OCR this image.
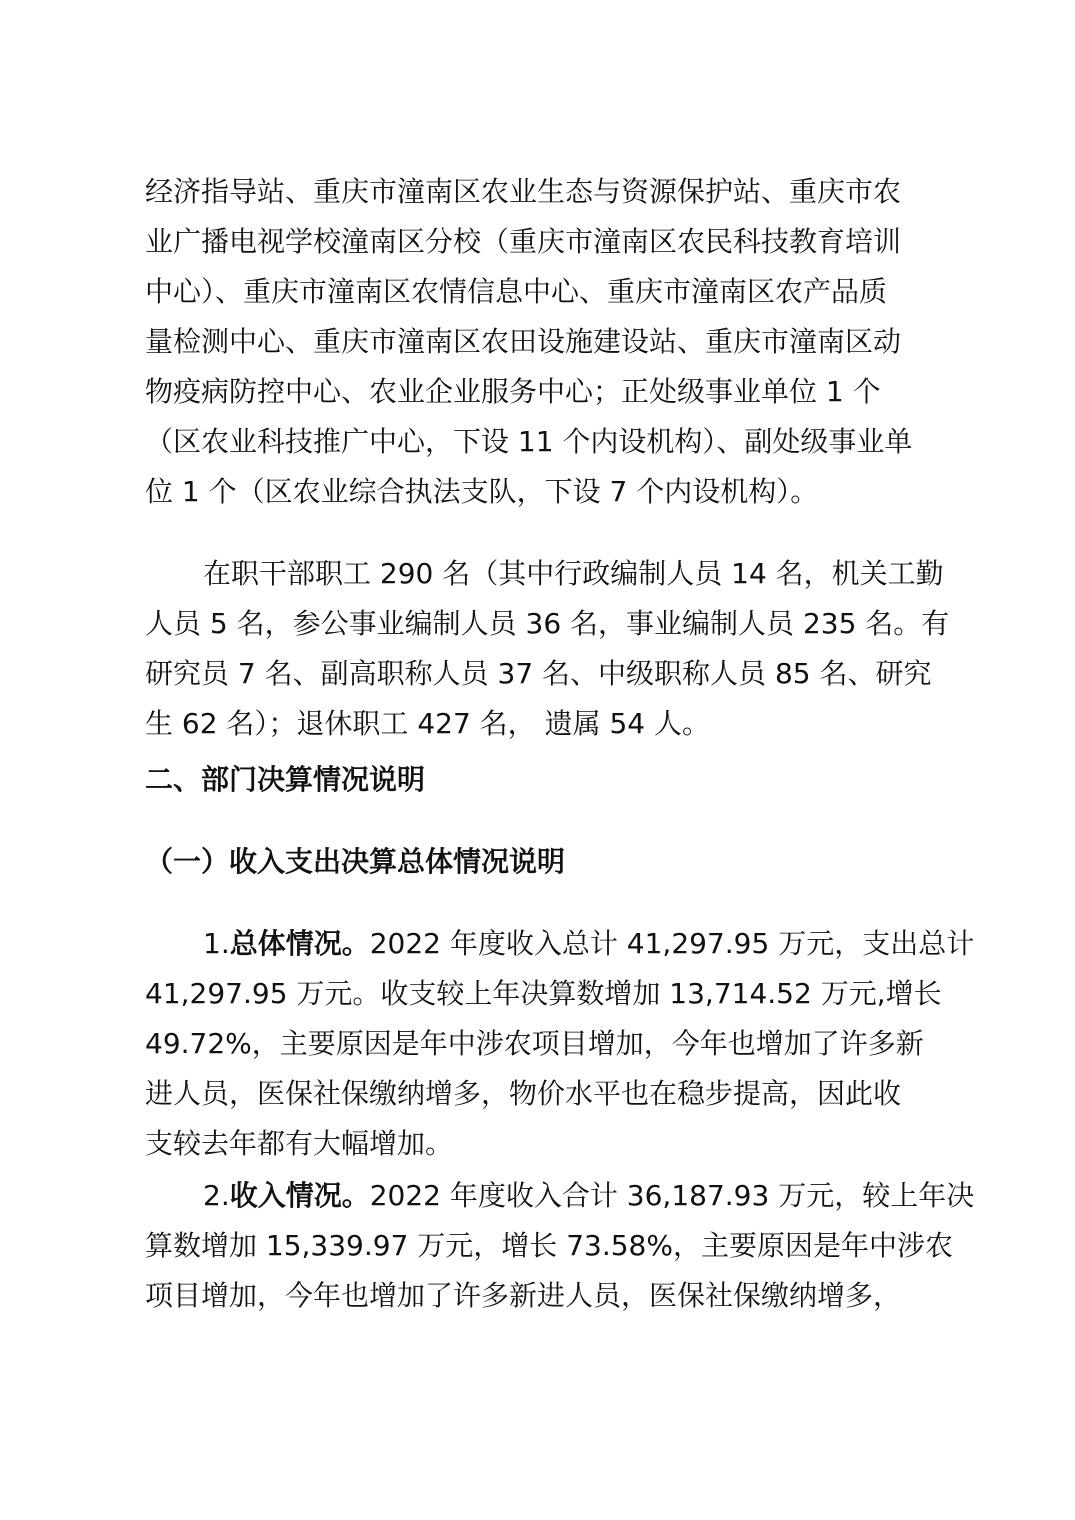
经济指导站、重庆市潼南区农业生态与资源保护站、重庆市农

业广播电视学校潼南区分校（重庆市潼南区农民科技教育培训

中心）、重庆市潼南区农情信息中心、重庆市潼南区农产品质

量检测中心、重庆市潼南区农田设施建设站、重庆市潼南区动

物疫病防控中心、农业企业服务中心；正处级事业单位 1 个

（区农业科技推广中心，下设 11 个内设机构）、副处级事业单

位 1 个（区农业综合执法支队，下设 7 个内设机构）。

在职干部职工 290 名（其中行政编制人员 14 名，机关工勤

人员 5 名，参公事业编制人员 36 名，事业编制人员 235 名。有

研究员 7 名、副高职称人员 37 名、中级职称人员 85 名、研究

生 62 名）；退休职工 427 名， 遗属 54 人。

二、部门决算情况说明

（一）收入支出决算总体情况说明

1.总体情况。2022 年度收入总计 41,297.95 万元，支出总计

41,297.95 万元。收支较上年决算数增加 13,714.52 万元,增长

49.72%，主要原因是年中涉农项目增加，今年也增加了许多新

进人员，医保社保缴纳增多，物价水平也在稳步提高，因此收

支较去年都有大幅增加。

2.收入情况。2022 年度收入合计 36,187.93 万元，较上年决

算数增加 15,339.97 万元，增长 73.58%，主要原因是年中涉农

项目增加，今年也增加了许多新进人员，医保社保缴纳增多，
